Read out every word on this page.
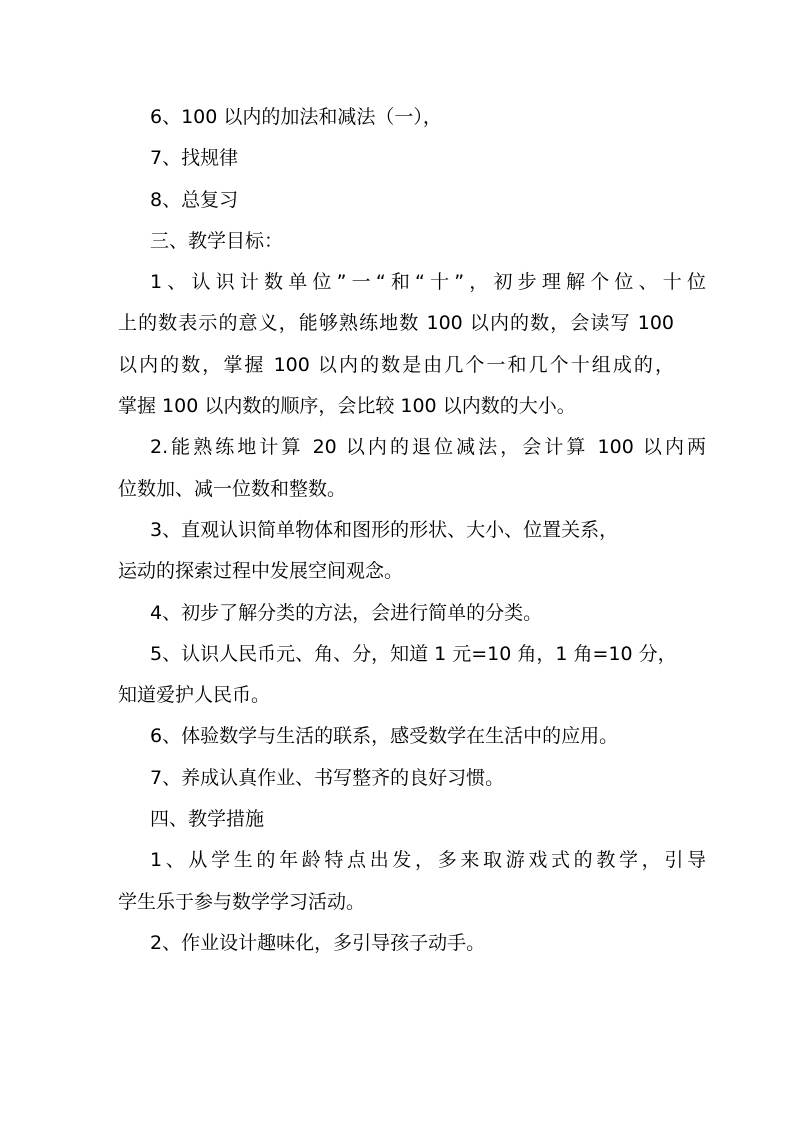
6、100 以内的加法和减法（一），

7、找规律

8、总复习

三、教学目标：

1、认识计数单位”一“和“十”，初步理解个位、十位

上的数表示的意义，能够熟练地数 100 以内的数，会读写 100

以内的数，掌握 100 以内的数是由几个一和几个十组成的，

掌握 100 以内数的顺序，会比较 100 以内数的大小。

2.能熟练地计算 20 以内的退位减法，会计算 100 以内两

位数加、减一位数和整数。

3、直观认识简单物体和图形的形状、大小、位置关系，

运动的探索过程中发展空间观念。

4、初步了解分类的方法，会进行简单的分类。

5、认识人民币元、角、分，知道 1 元=10 角，1 角=10 分，

知道爱护人民币。

6、体验数学与生活的联系，感受数学在生活中的应用。

7、养成认真作业、书写整齐的良好习惯。

四、教学措施

1、从学生的年龄特点出发，多来取游戏式的教学，引导

学生乐于参与数学学习活动。

2、作业设计趣味化，多引导孩子动手。
